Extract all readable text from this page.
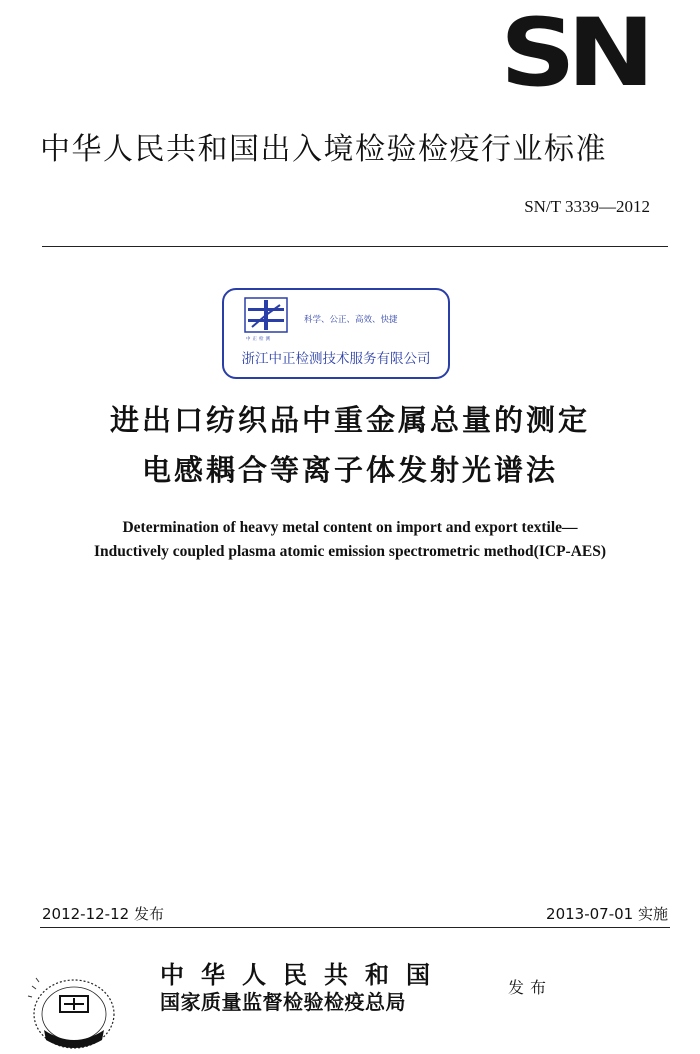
SN
中华人民共和国出入境检验检疫行业标准
SN/T 3339—2012
科学、公正、高效、快捷
中正检测
浙江中正检测技术服务有限公司
进出口纺织品中重金属总量的测定
电感耦合等离子体发射光谱法
Determination of heavy metal content on import and export textile—
Inductively coupled plasma atomic emission spectrometric method(ICP-AES)
2012-12-12 发布	2013-07-01 实施
中华人民共和国
国家质量监督检验检疫总局
发布
